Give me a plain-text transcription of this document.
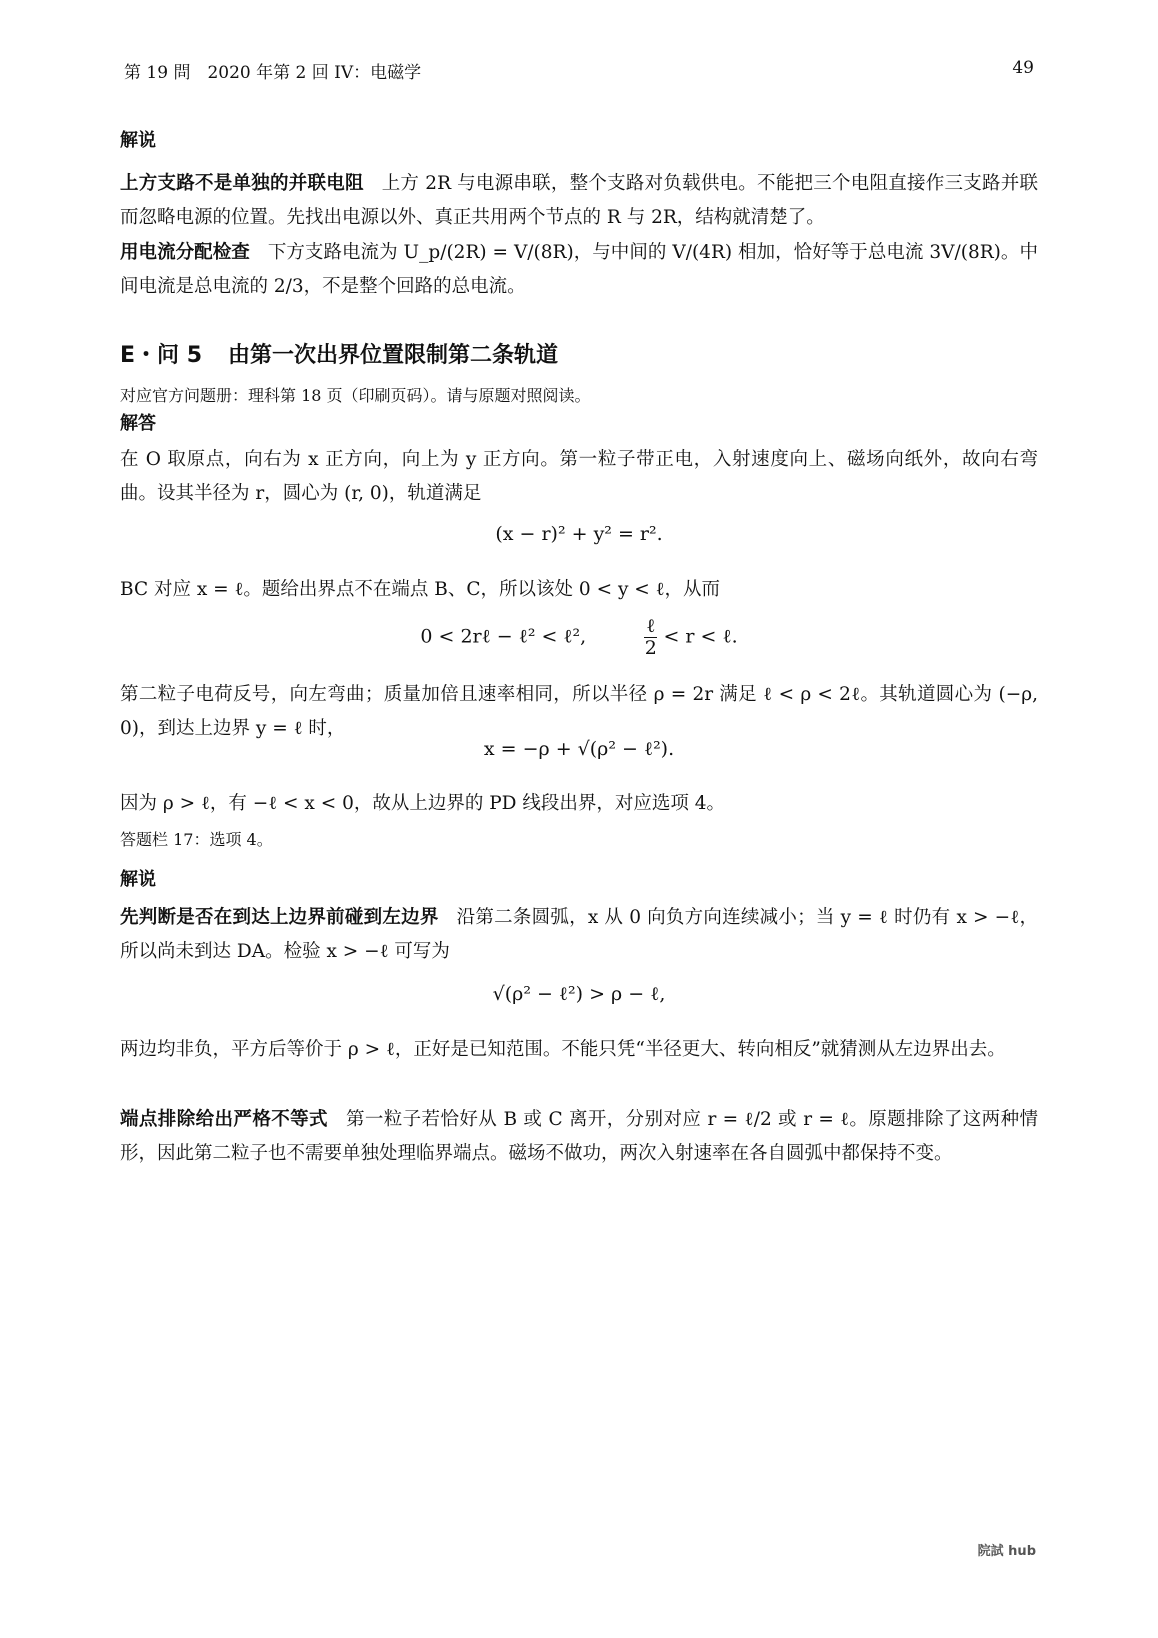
第 19 問　2020 年第 2 回 IV：电磁学	49
解说
上方支路不是单独的并联电阻 上方 2R 与电源串联，整个支路对负载供电。不能把三个电阻直接作三支路并联而忽略电源的位置。先找出电源以外、真正共用两个节点的 R 与 2R，结构就清楚了。
用电流分配检查 下方支路电流为 U_p/(2R) = V/(8R)，与中间的 V/(4R) 相加，恰好等于总电流 3V/(8R)。中间电流是总电流的 2/3，不是整个回路的总电流。
E・问 5 由第一次出界位置限制第二条轨道
对应官方问题册：理科第 18 页（印刷页码）。请与原题对照阅读。
解答
在 O 取原点，向右为 x 正方向，向上为 y 正方向。第一粒子带正电，入射速度向上、磁场向纸外，故向右弯曲。设其半径为 r，圆心为 (r, 0)，轨道满足
(x − r)² + y² = r².
BC 对应 x = ℓ。题给出界点不在端点 B、C，所以该处 0 < y < ℓ，从而
0 < 2rℓ − ℓ² < ℓ²,	$\frac{\text{ℓ}}{2} < r$ < ℓ.
第二粒子电荷反号，向左弯曲；质量加倍且速率相同，所以半径 ρ = 2r 满足 ℓ < ρ < 2ℓ。其轨道圆心为 (−ρ, 0)，到达上边界 y = ℓ 时，
x = −ρ + √(ρ² − ℓ²).
因为 ρ > ℓ，有 −ℓ < x < 0，故从上边界的 PD 线段出界，对应选项 4。
答题栏 17：选项 4。
解说
先判断是否在到达上边界前碰到左边界 沿第二条圆弧，x 从 0 向负方向连续减小；当 y = ℓ 时仍有 x > −ℓ，所以尚未到达 DA。检验 x > −ℓ 可写为
√(ρ² − ℓ²) > ρ − ℓ,
两边均非负，平方后等价于 ρ > ℓ，正好是已知范围。不能只凭“半径更大、转向相反”就猜测从左边界出去。
端点排除给出严格不等式 第一粒子若恰好从 B 或 C 离开，分别对应 r = ℓ/2 或 r = ℓ。原题排除了这两种情形，因此第二粒子也不需要单独处理临界端点。磁场不做功，两次入射速率在各自圆弧中都保持不变。
院試 hub
